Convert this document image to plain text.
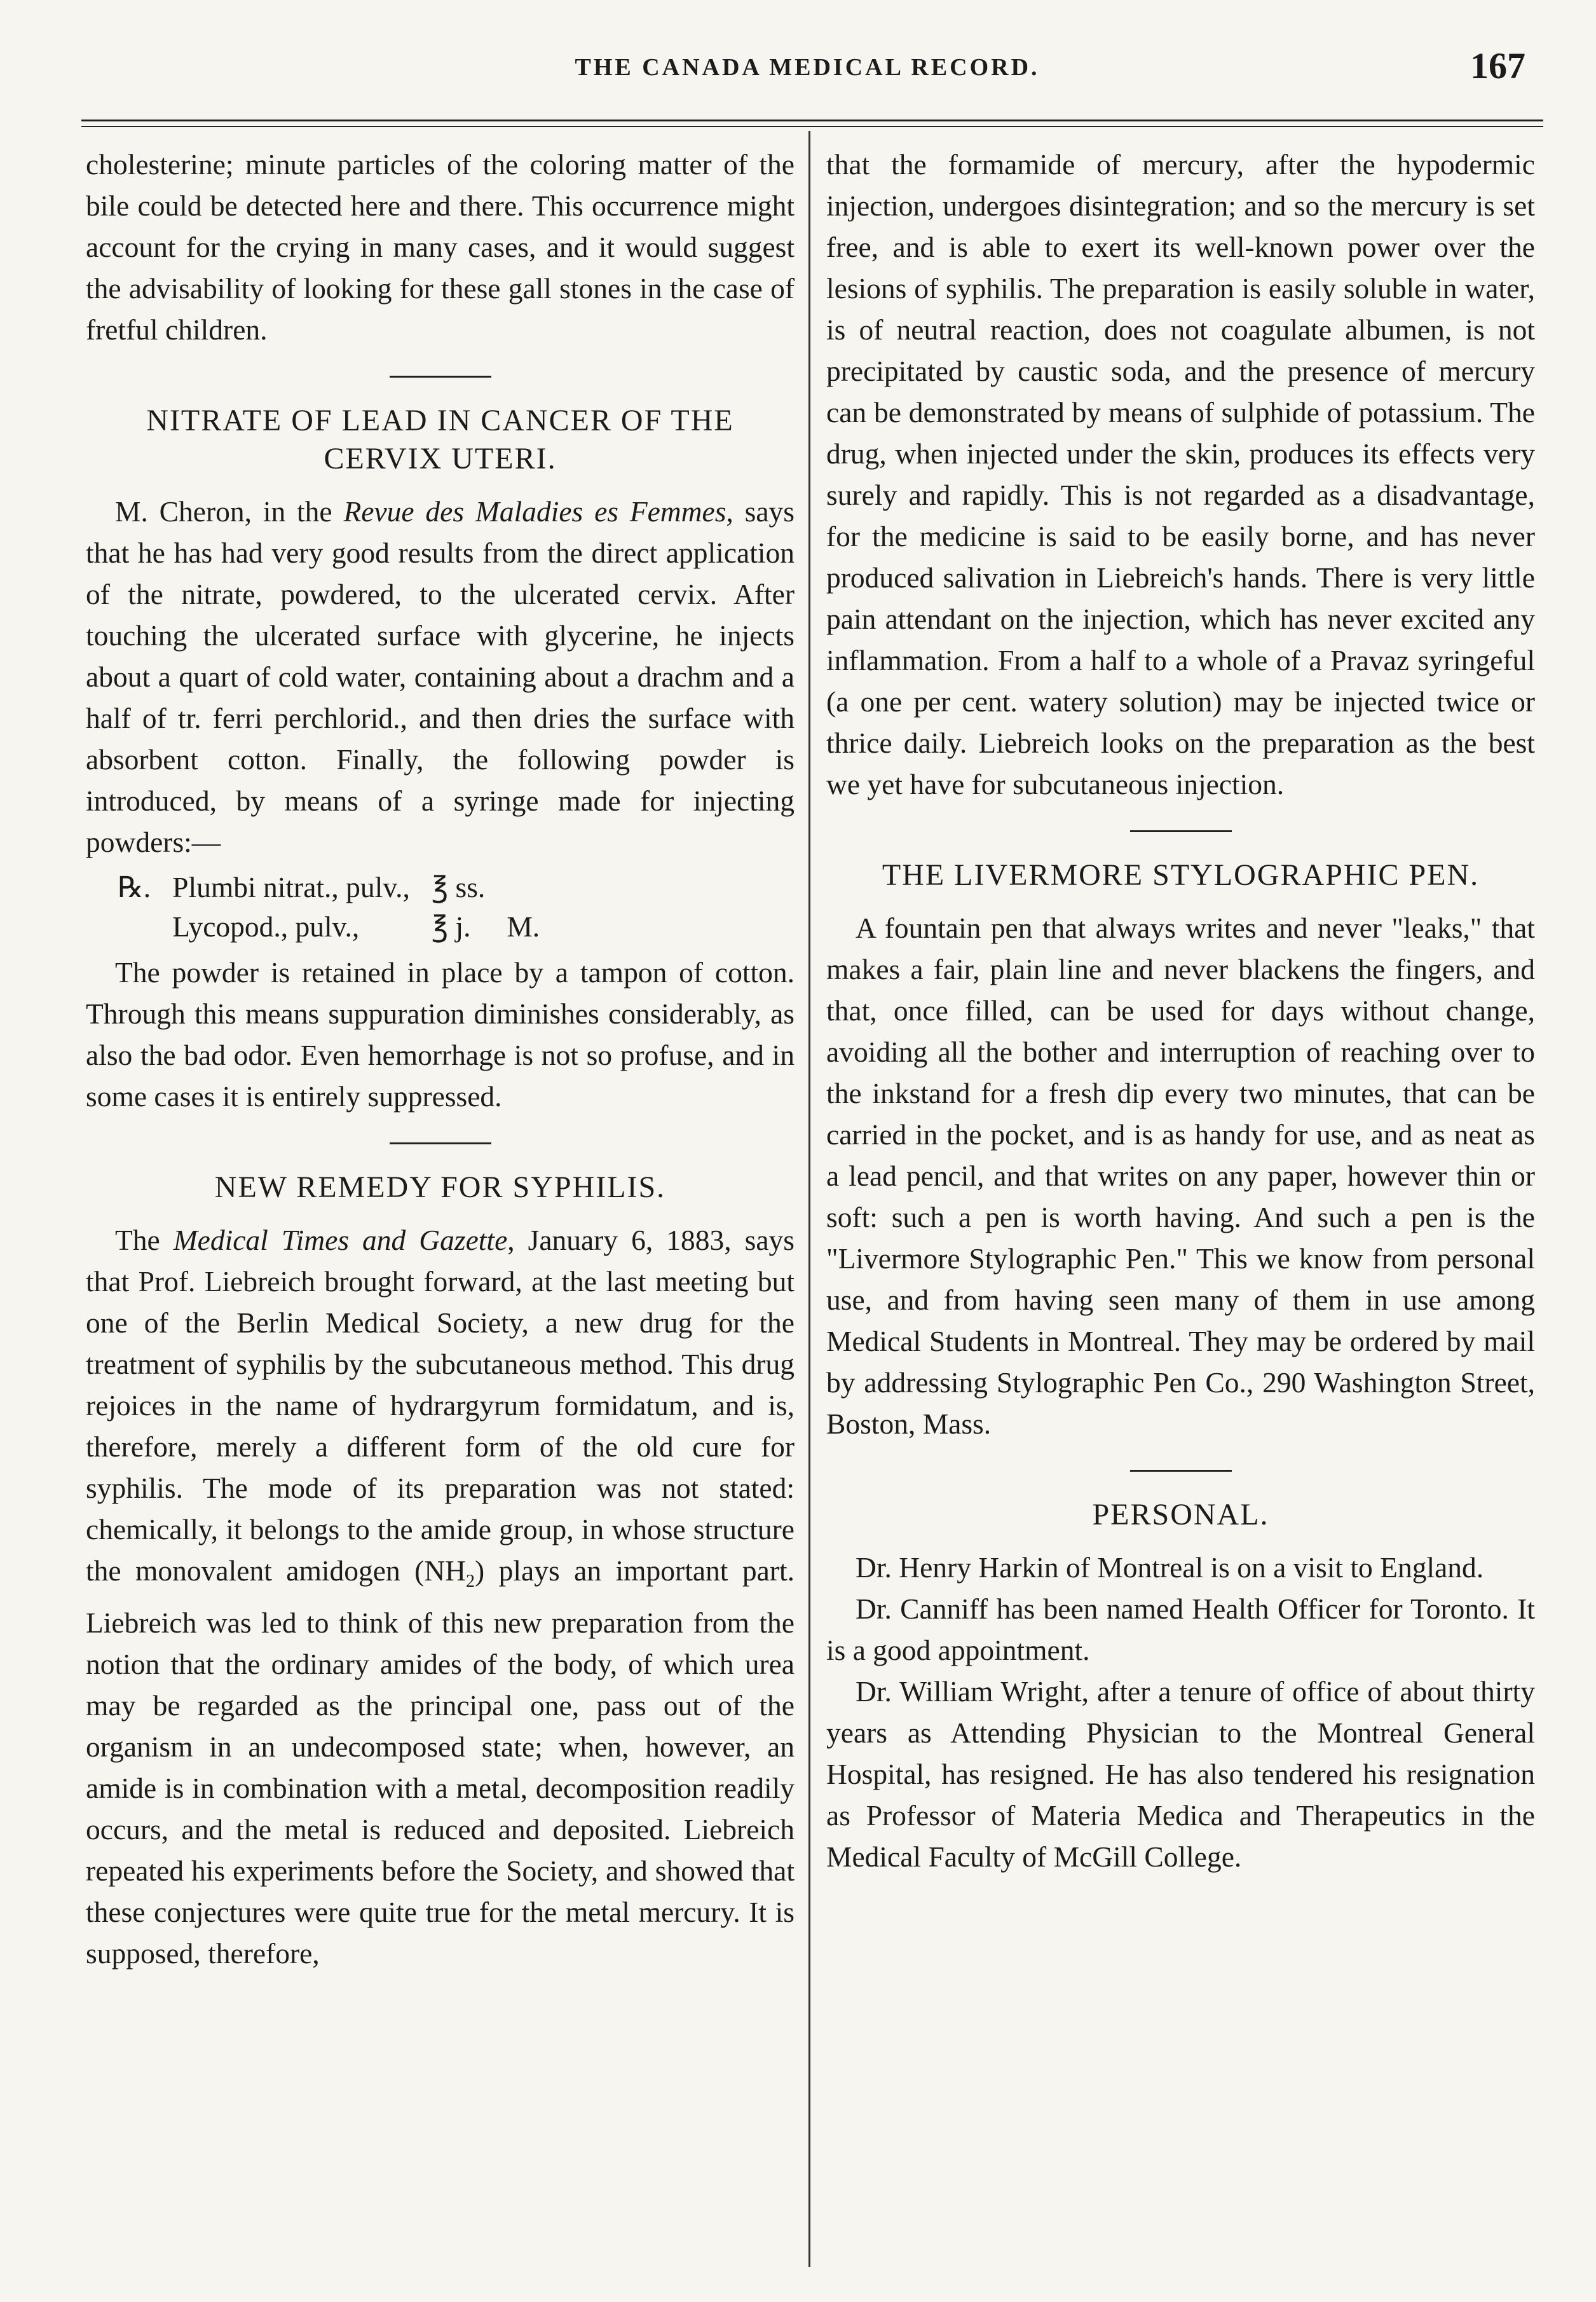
THE CANADA MEDICAL RECORD.	167

cholesterine; minute particles of the coloring matter of the bile could be detected here and there. This occurrence might account for the crying in many cases, and it would suggest the advisability of looking for these gall stones in the case of fretful children.

NITRATE OF LEAD IN CANCER OF THE CERVIX UTERI.

M. Cheron, in the Revue des Maladies es Femmes, says that he has had very good results from the direct application of the nitrate, powdered, to the ulcerated cervix. After touching the ulcerated surface with glycerine, he injects about a quart of cold water, containing about a drachm and a half of tr. ferri perchlorid., and then dries the surface with absorbent cotton. Finally, the following powder is introduced, by means of a syringe made for injecting powders:—

℞.	Plumbi nitrat., pulv.,	℥ ss.	
	Lycopod., pulv.,	℥ j.	M.

The powder is retained in place by a tampon of cotton. Through this means suppuration diminishes considerably, as also the bad odor. Even hemorrhage is not so profuse, and in some cases it is entirely suppressed.

NEW REMEDY FOR SYPHILIS.

The Medical Times and Gazette, January 6, 1883, says that Prof. Liebreich brought forward, at the last meeting but one of the Berlin Medical Society, a new drug for the treatment of syphilis by the subcutaneous method. This drug rejoices in the name of hydrargyrum formidatum, and is, therefore, merely a different form of the old cure for syphilis. The mode of its preparation was not stated: chemically, it belongs to the amide group, in whose structure the monovalent amidogen $(NH_2)$ plays an important part. Liebreich was led to think of this new preparation from the notion that the ordinary amides of the body, of which urea may be regarded as the principal one, pass out of the organism in an undecomposed state; when, however, an amide is in combination with a metal, decomposition readily occurs, and the metal is reduced and deposited. Liebreich repeated his experiments before the Society, and showed that these conjectures were quite true for the metal mercury. It is supposed, therefore,

that the formamide of mercury, after the hypodermic injection, undergoes disintegration; and so the mercury is set free, and is able to exert its well-known power over the lesions of syphilis. The preparation is easily soluble in water, is of neutral reaction, does not coagulate albumen, is not precipitated by caustic soda, and the presence of mercury can be demonstrated by means of sulphide of potassium. The drug, when injected under the skin, produces its effects very surely and rapidly. This is not regarded as a disadvantage, for the medicine is said to be easily borne, and has never produced salivation in Liebreich's hands. There is very little pain attendant on the injection, which has never excited any inflammation. From a half to a whole of a Pravaz syringeful (a one per cent. watery solution) may be injected twice or thrice daily. Liebreich looks on the preparation as the best we yet have for subcutaneous injection.

THE LIVERMORE STYLOGRAPHIC PEN.

A fountain pen that always writes and never "leaks," that makes a fair, plain line and never blackens the fingers, and that, once filled, can be used for days without change, avoiding all the bother and interruption of reaching over to the inkstand for a fresh dip every two minutes, that can be carried in the pocket, and is as handy for use, and as neat as a lead pencil, and that writes on any paper, however thin or soft: such a pen is worth having. And such a pen is the "Livermore Stylographic Pen." This we know from personal use, and from having seen many of them in use among Medical Students in Montreal. They may be ordered by mail by addressing Stylographic Pen Co., 290 Washington Street, Boston, Mass.

PERSONAL.

Dr. Henry Harkin of Montreal is on a visit to England.

Dr. Canniff has been named Health Officer for Toronto. It is a good appointment.

Dr. William Wright, after a tenure of office of about thirty years as Attending Physician to the Montreal General Hospital, has resigned. He has also tendered his resignation as Professor of Materia Medica and Therapeutics in the Medical Faculty of McGill College.
